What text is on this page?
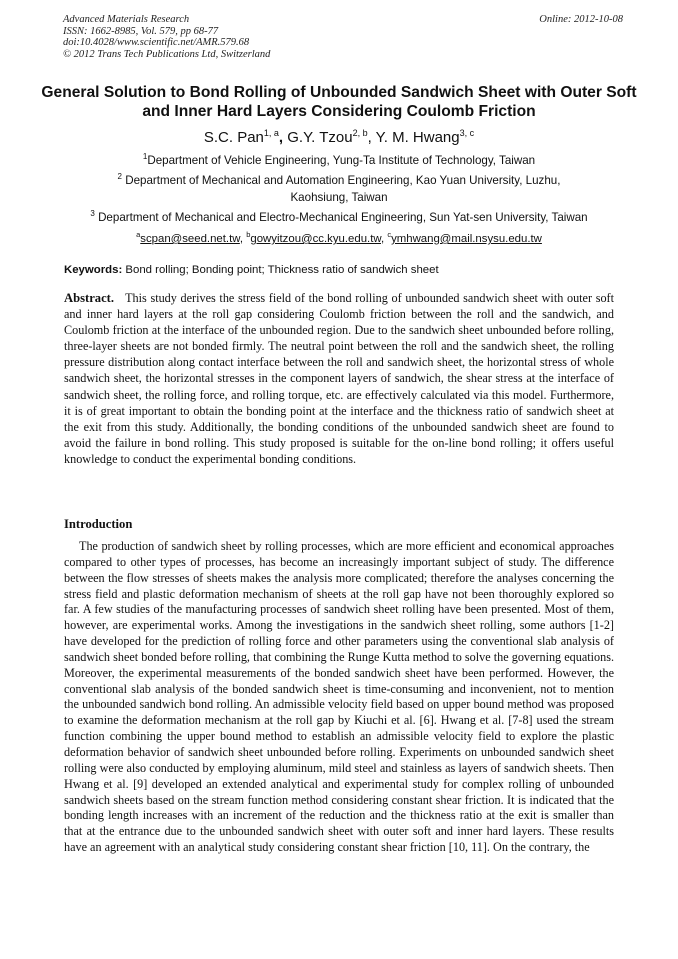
Advanced Materials Research
ISSN: 1662-8985, Vol. 579, pp 68-77
doi:10.4028/www.scientific.net/AMR.579.68
© 2012 Trans Tech Publications Ltd, Switzerland
Online: 2012-10-08
General Solution to Bond Rolling of Unbounded Sandwich Sheet with Outer Soft and Inner Hard Layers Considering Coulomb Friction
S.C. Pan$^{1, a}$, G.Y. Tzou$^{2, b}$, Y. M. Hwang$^{3, c}$
$^1$Department of Vehicle Engineering, Yung-Ta Institute of Technology, Taiwan
$^2$ Department of Mechanical and Automation Engineering, Kao Yuan University, Luzhu, Kaohsiung, Taiwan
$^3$ Department of Mechanical and Electro-Mechanical Engineering, Sun Yat-sen University, Taiwan
$^a$scpan@seed.net.tw, $^b$gowyitzou@cc.kyu.edu.tw, $^c$ymhwang@mail.nsysu.edu.tw
Keywords: Bond rolling; Bonding point; Thickness ratio of sandwich sheet
Abstract. This study derives the stress field of the bond rolling of unbounded sandwich sheet with outer soft and inner hard layers at the roll gap considering Coulomb friction between the roll and the sandwich, and Coulomb friction at the interface of the unbounded region. Due to the sandwich sheet unbounded before rolling, three-layer sheets are not bonded firmly. The neutral point between the roll and the sandwich sheet, the rolling pressure distribution along contact interface between the roll and sandwich sheet, the horizontal stress of whole sandwich sheet, the horizontal stresses in the component layers of sandwich, the shear stress at the interface of sandwich sheet, the rolling force, and rolling torque, etc. are effectively calculated via this model. Furthermore, it is of great important to obtain the bonding point at the interface and the thickness ratio of sandwich sheet at the exit from this study. Additionally, the bonding conditions of the unbounded sandwich sheet are found to avoid the failure in bond rolling. This study proposed is suitable for the on-line bond rolling; it offers useful knowledge to conduct the experimental bonding conditions.
Introduction
The production of sandwich sheet by rolling processes, which are more efficient and economical approaches compared to other types of processes, has become an increasingly important subject of study. The difference between the flow stresses of sheets makes the analysis more complicated; therefore the analyses concerning the stress field and plastic deformation mechanism of sheets at the roll gap have not been thoroughly explored so far. A few studies of the manufacturing processes of sandwich sheet rolling have been presented. Most of them, however, are experimental works. Among the investigations in the sandwich sheet rolling, some authors [1-2] have developed for the prediction of rolling force and other parameters using the conventional slab analysis of sandwich sheet bonded before rolling, that combining the Runge Kutta method to solve the governing equations. Moreover, the experimental measurements of the bonded sandwich sheet have been performed. However, the conventional slab analysis of the bonded sandwich sheet is time-consuming and inconvenient, not to mention the unbounded sandwich bond rolling. An admissible velocity field based on upper bound method was proposed to examine the deformation mechanism at the roll gap by Kiuchi et al. [6]. Hwang et al. [7-8] used the stream function combining the upper bound method to establish an admissible velocity field to explore the plastic deformation behavior of sandwich sheet unbounded before rolling. Experiments on unbounded sandwich sheet rolling were also conducted by employing aluminum, mild steel and stainless as layers of sandwich sheets. Then Hwang et al. [9] developed an extended analytical and experimental study for complex rolling of unbounded sandwich sheets based on the stream function method considering constant shear friction. It is indicated that the bonding length increases with an increment of the reduction and the thickness ratio at the exit is smaller than that at the entrance due to the unbounded sandwich sheet with outer soft and inner hard layers. These results have an agreement with an analytical study considering constant shear friction [10, 11]. On the contrary, the
